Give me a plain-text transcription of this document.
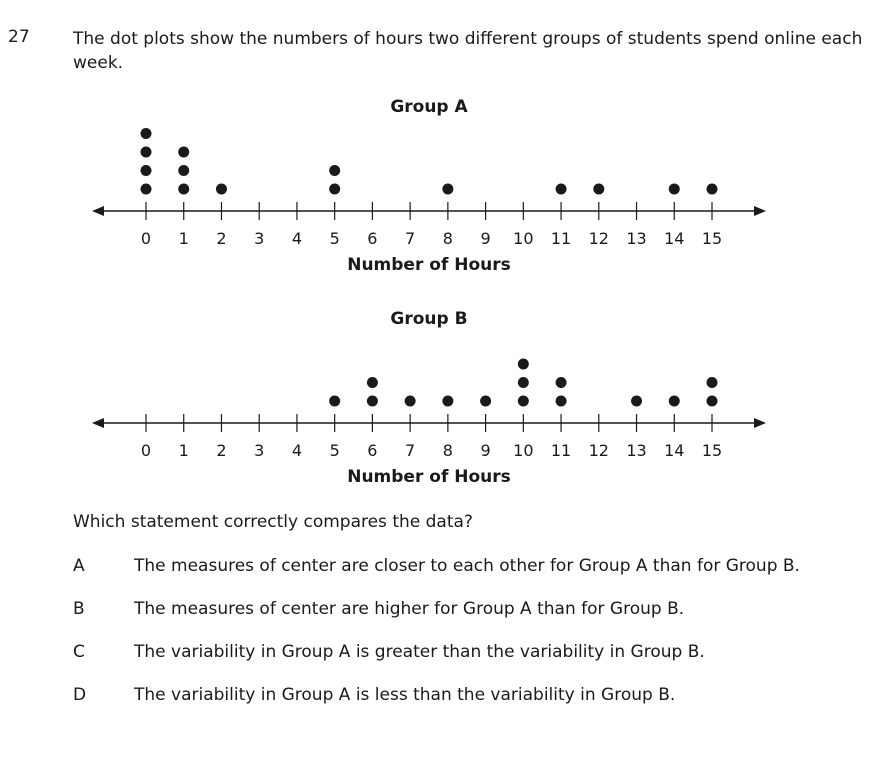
27	The dot plots show the numbers of hours two different groups of students spend online each week.
Group A
0 1 2 3 4 5 6 7 8 9 10 11 12 13 14 15
Number of Hours
Group B
0 1 2 3 4 5 6 7 8 9 10 11 12 13 14 15
Number of Hours
Which statement correctly compares the data?
A	The measures of center are closer to each other for Group A than for Group B.
B	The measures of center are higher for Group A than for Group B.
C	The variability in Group A is greater than the variability in Group B.
D	The variability in Group A is less than the variability in Group B.
